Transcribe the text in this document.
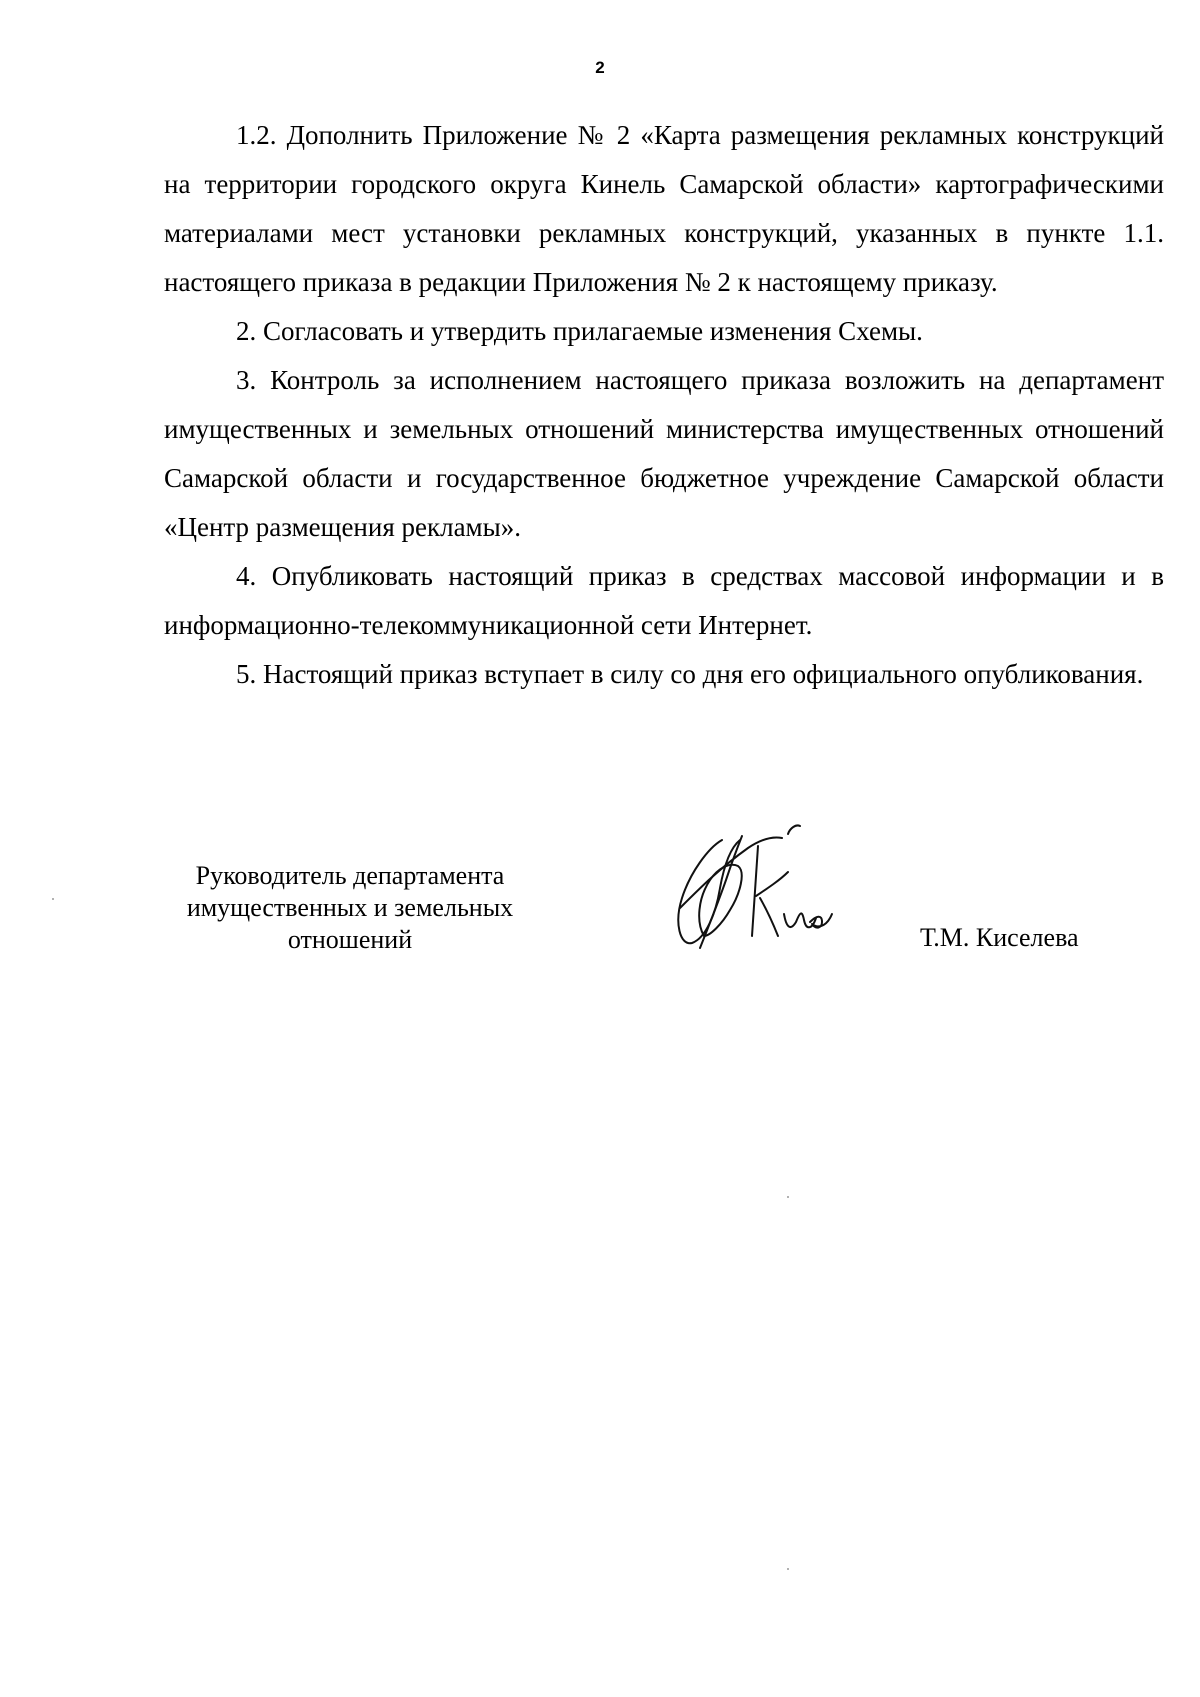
2

1.2. Дополнить Приложение № 2 «Карта размещения рекламных конструкций на территории городского округа Кинель Самарской области» картографическими материалами мест установки рекламных конструкций, указанных в пункте 1.1. настоящего приказа в редакции Приложения № 2 к настоящему приказу.

2. Согласовать и утвердить прилагаемые изменения Схемы.

3. Контроль за исполнением настоящего приказа возложить на департамент имущественных и земельных отношений министерства имущественных отношений Самарской области и государственное бюджетное учреждение Самарской области «Центр размещения рекламы».

4. Опубликовать настоящий приказ в средствах массовой информации и в информационно-телекоммуникационной сети Интернет.

5. Настоящий приказ вступает в силу со дня его официального опубликования.

Руководитель департамента
имущественных и земельных
отношений	Т.М. Киселева
